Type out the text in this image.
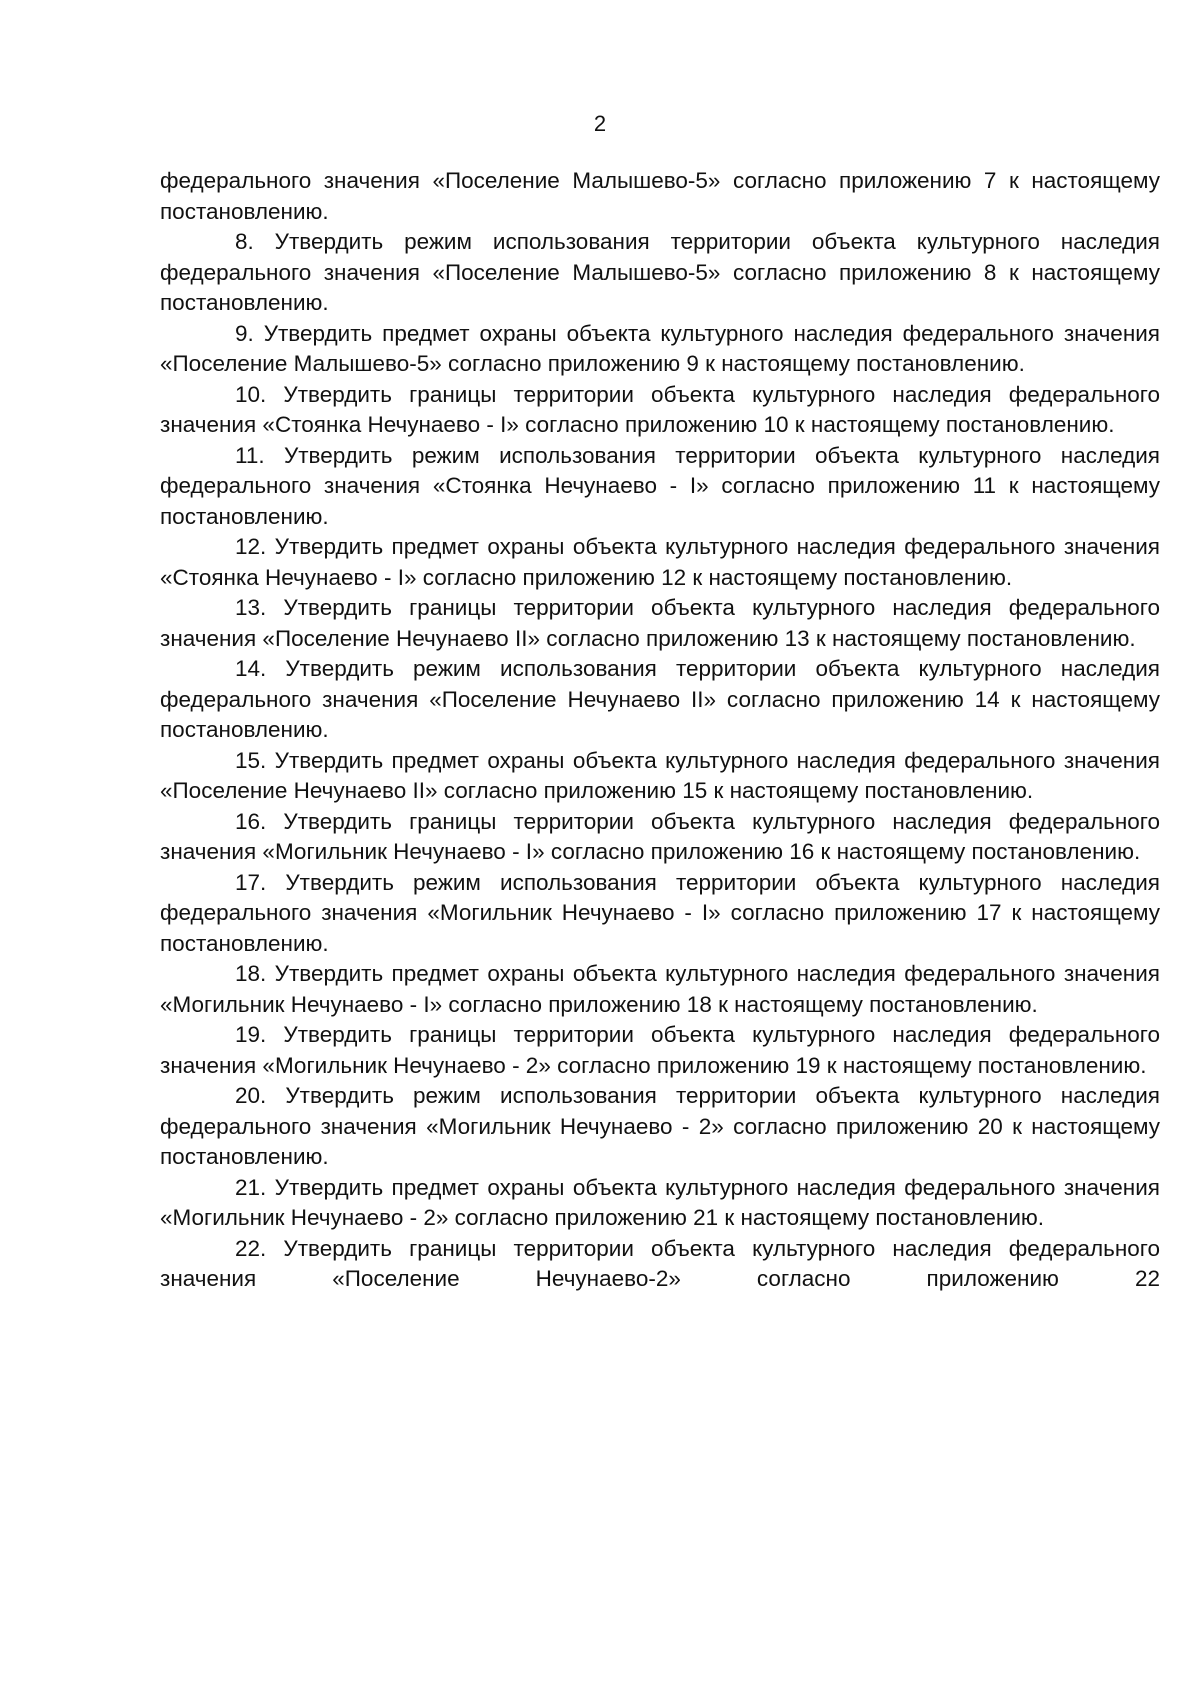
2

федерального значения «Поселение Малышево-5» согласно приложению 7 к настоящему постановлению.

8. Утвердить режим использования территории объекта культурного наследия федерального значения «Поселение Малышево-5» согласно приложению 8 к настоящему постановлению.

9. Утвердить предмет охраны объекта культурного наследия федерального значения «Поселение Малышево-5» согласно приложению 9 к настоящему постановлению.

10. Утвердить границы территории объекта культурного наследия федерального значения «Стоянка Нечунаево - I» согласно приложению 10 к настоящему постановлению.

11. Утвердить режим использования территории объекта культурного наследия федерального значения «Стоянка Нечунаево - I» согласно приложению 11 к настоящему постановлению.

12. Утвердить предмет охраны объекта культурного наследия федерального значения «Стоянка Нечунаево - I» согласно приложению 12 к настоящему постановлению.

13. Утвердить границы территории объекта культурного наследия федерального значения «Поселение Нечунаево II» согласно приложению 13 к настоящему постановлению.

14. Утвердить режим использования территории объекта культурного наследия федерального значения «Поселение Нечунаево II» согласно приложению 14 к настоящему постановлению.

15. Утвердить предмет охраны объекта культурного наследия федерального значения «Поселение Нечунаево II» согласно приложению 15 к настоящему постановлению.

16. Утвердить границы территории объекта культурного наследия федерального значения «Могильник Нечунаево - I» согласно приложению 16 к настоящему постановлению.

17. Утвердить режим использования территории объекта культурного наследия федерального значения «Могильник Нечунаево - I» согласно приложению 17 к настоящему постановлению.

18. Утвердить предмет охраны объекта культурного наследия федерального значения «Могильник Нечунаево - I» согласно приложению 18 к настоящему постановлению.

19. Утвердить границы территории объекта культурного наследия федерального значения «Могильник Нечунаево - 2» согласно приложению 19 к настоящему постановлению.

20. Утвердить режим использования территории объекта культурного наследия федерального значения «Могильник Нечунаево - 2» согласно приложению 20 к настоящему постановлению.

21. Утвердить предмет охраны объекта культурного наследия федерального значения «Могильник Нечунаево - 2» согласно приложению 21 к настоящему постановлению.

22. Утвердить границы территории объекта культурного наследия федерального значения «Поселение Нечунаево-2» согласно приложению 22
